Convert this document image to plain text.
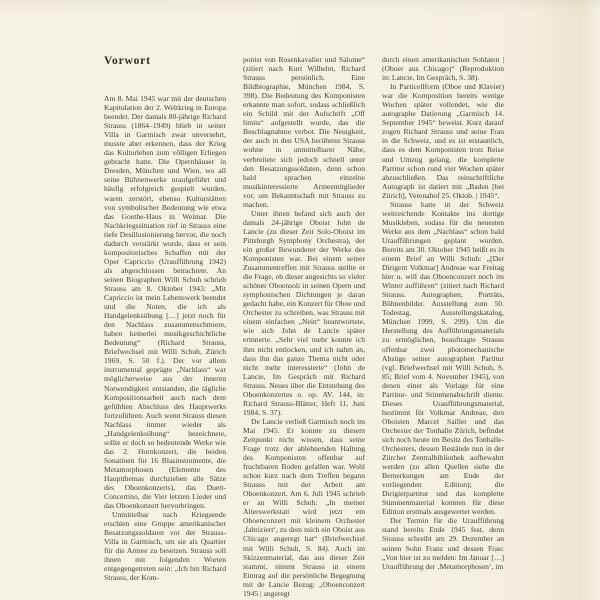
Vorwort

Am 8. Mai 1945 war mit der deutschen Kapitulation der 2. Weltkrieg in Europa beendet. Der damals 80-jährige Richard Strauss (1864–1949) blieb in seiner Villa in Garmisch zwar unversehrt, musste aber erkennen, dass der Krieg das Kulturleben zum völligen Erliegen gebracht hatte. Die Opernhäuser in Dresden, München und Wien, wo all seine Bühnenwerke uraufgeführt und häufig erfolgreich gespielt wurden, waren zerstört, ebenso Kulturstätten von symbolischer Bedeutung wie etwa das Goethe-Haus in Weimar. Die Nachkriegssituation rief in Strauss eine tiefe Desillusionierung hervor, die noch dadurch verstärkt wurde, dass er sein kompositorisches Schaffen mit der Oper Capriccio (Uraufführung 1942) als abgeschlossen betrachtete. An seinen Biographen Willi Schuh schrieb Strauss am 8. Oktober 1943: „Mit Capriccio ist mein Lebenswerk beendet und die Noten, die ich als Handgelenksübung […] jetzt noch für den Nachlass zusammenschmiere, haben keinerlei musikgeschichtliche Bedeutung“ (Richard Strauss, Briefwechsel mit Willi Schuh, Zürich 1969, S. 50 f.). Der vor allem instrumental geprägte „Nachlass“ war möglicherweise aus der inneren Notwendigkeit entstanden, die tägliche Kompositionsarbeit auch nach dem gefühlten Abschluss des Hauptwerks fortzuführen. Auch wenn Strauss diesen Nachlass immer wieder als „Handgelenksübung“ bezeichnete, sollte er doch so bedeutende Werke wie das 2. Hornkonzert, die beiden Sonatinen für 16 Blasinstrumente, die Metamorphosen (Elemente des Hauptthemas durchziehen alle Sätze des Oboenkonzerts), das Duett-Concertino, die Vier letzten Lieder und das Oboenkonzert hervorbringen.

Unmittelbar nach Kriegsende erschien eine Gruppe amerikanischer Besatzungssoldaten vor der Strauss-Villa in Garmisch, um sie als Quartier für die Armee zu besetzen. Strauss soll ihnen mit folgenden Worten entgegengetreten sein: „Ich bin Richard Strauss, der Kom-

ponist von Rosenkavalier und Salome“ (zitiert nach Kurt Wilhelm, Richard Strauss persönlich. Eine Bildbiographie, München 1984, S. 398). Die Bedeutung des Komponisten erkannte man sofort, sodass schließlich ein Schild mit der Aufschrift „Off limits“ aufgestellt wurde, das die Beschlagnahme verbot. Die Neuigkeit, der auch in den USA berühmte Strauss wohne in unmittelbarer Nähe, verbreitete sich jedoch schnell unter den Besatzungssoldaten, denn schon bald sprachen einzelne musikinteressierte Armeemitglieder vor, um Bekanntschaft mit Strauss zu machen.

Unter ihnen befand sich auch der damals 24-jährige Oboist John de Lancie (zu dieser Zeit Solo-Oboist im Pittsburgh Symphony Orchestra), der ein großer Bewunderer der Werke des Komponisten war. Bei einem seiner Zusammentreffen mit Strauss stellte er die Frage, ob dieser angesichts so vieler schöner Oboensoli in seinen Opern und symphonischen Dichtungen je daran gedacht habe, ein Konzert für Oboe und Orchester zu schreiben, was Strauss mit einem einfachen „Nein“ beantwortete, wie sich John de Lancie später erinnerte. „Sehr viel mehr konnte ich ihm nicht entlocken, und ich nahm an, dass ihn das ganze Thema nicht oder nicht mehr interessierte“ (John de Lancie, Im Gespräch mit Richard Strauss. Neues über die Entstehung des Oboenkonzertes o. op. AV. 144, in: Richard Strauss-Blätter, Heft 11, Juni 1984, S. 37).

De Lancie verließ Garmisch noch im Mai 1945. Er konnte zu diesem Zeitpunkt nicht wissen, dass seine Frage trotz der ablehnenden Haltung des Komponisten offenbar auf fruchtbaren Boden gefallen war. Wohl schon kurz nach dem Treffen begann Strauss mit der Arbeit am Oboenkonzert. Am 6. Juli 1945 schrieb er an Willi Schuh: „In meiner Alterswerkstatt wird jetzt ein Oboenconzert mit kleinem Orchester ‚fabriziert‘, zu dem mich ein Oboist aus Chicago angeregt hat“ (Briefwechsel mit Willi Schuh, S. 84). Auch im Skizzenmaterial, das aus dieser Zeit stammt, nimmt Strauss in einem Eintrag auf die persönliche Begegnung mit de Lancie Bezug: „Oboenconzert 1945 | angeregt

durch einen amerikanischen Soldaten | (Oboer aus Chicago)“ (Reproduktion in: Lancie, Im Gespräch, S. 38).

In Particellform (Oboe und Klavier) war die Komposition bereits wenige Wochen später vollendet, wie die autographe Datierung „Garmisch 14. September 1945“ beweist. Kurz darauf zogen Richard Strauss und seine Frau in die Schweiz, und es ist erstaunlich, dass es dem Komponisten trotz Reise und Umzug gelang, die komplette Partitur schon rund vier Wochen später abzuschließen. Das reinschriftliche Autograph ist datiert mit „Baden [bei Zürich], Verenahof 25. Oktob. | 1945“.

Strauss hatte in der Schweiz weitreichende Kontakte ins dortige Musikleben, sodass für die neuesten Werke aus dem „Nachlass“ schon bald Uraufführungen geplant wurden. Bereits am 30. Oktober 1945 heißt es in einem Brief an Willi Schuh: „[Der Dirigent Volkmar] Andreae war Freitag hier u. will das Oboenconzert noch im Winter aufführen“ (zitiert nach Richard Strauss. Autographen, Porträts, Bühnenbilder. Ausstellung zum 50. Todestag, Ausstellungskatalog, München 1999, S. 299). Um die Herstellung des Aufführungsmaterials zu ermöglichen, beauftragte Strauss offenbar zwei photomechanische Abzüge seiner autographen Partitur (vgl. Briefwechsel mit Willi Schuh, S. 85; Brief vom 4. November 1945), von denen einer als Vorlage für eine Partitur- und Stimmenabschrift diente. Dieses Uraufführungsmaterial, bestimmt für Volkmar Andreae, den Oboisten Marcel Saillet und das Orchester der Tonhalle Zürich, befindet sich noch heute im Besitz des Tonhalle-Orchesters, dessen Bestände nun in der Zürcher Zentralbibliothek aufbewahrt werden (zu allen Quellen siehe die Bemerkungen am Ende der vorliegenden Edition); die Dirigierpartitur und das komplette Stimmenmaterial konnten für diese Edition erstmals ausgewertet werden.

Der Termin für die Uraufführung stand bereits Ende 1945 fest, denn Strauss schreibt am 29. Dezember an seinen Sohn Franz und dessen Frau: „Von hier ist zu melden: Im Januar […] Uraufführung der ‚Metamorphosen‘, im
